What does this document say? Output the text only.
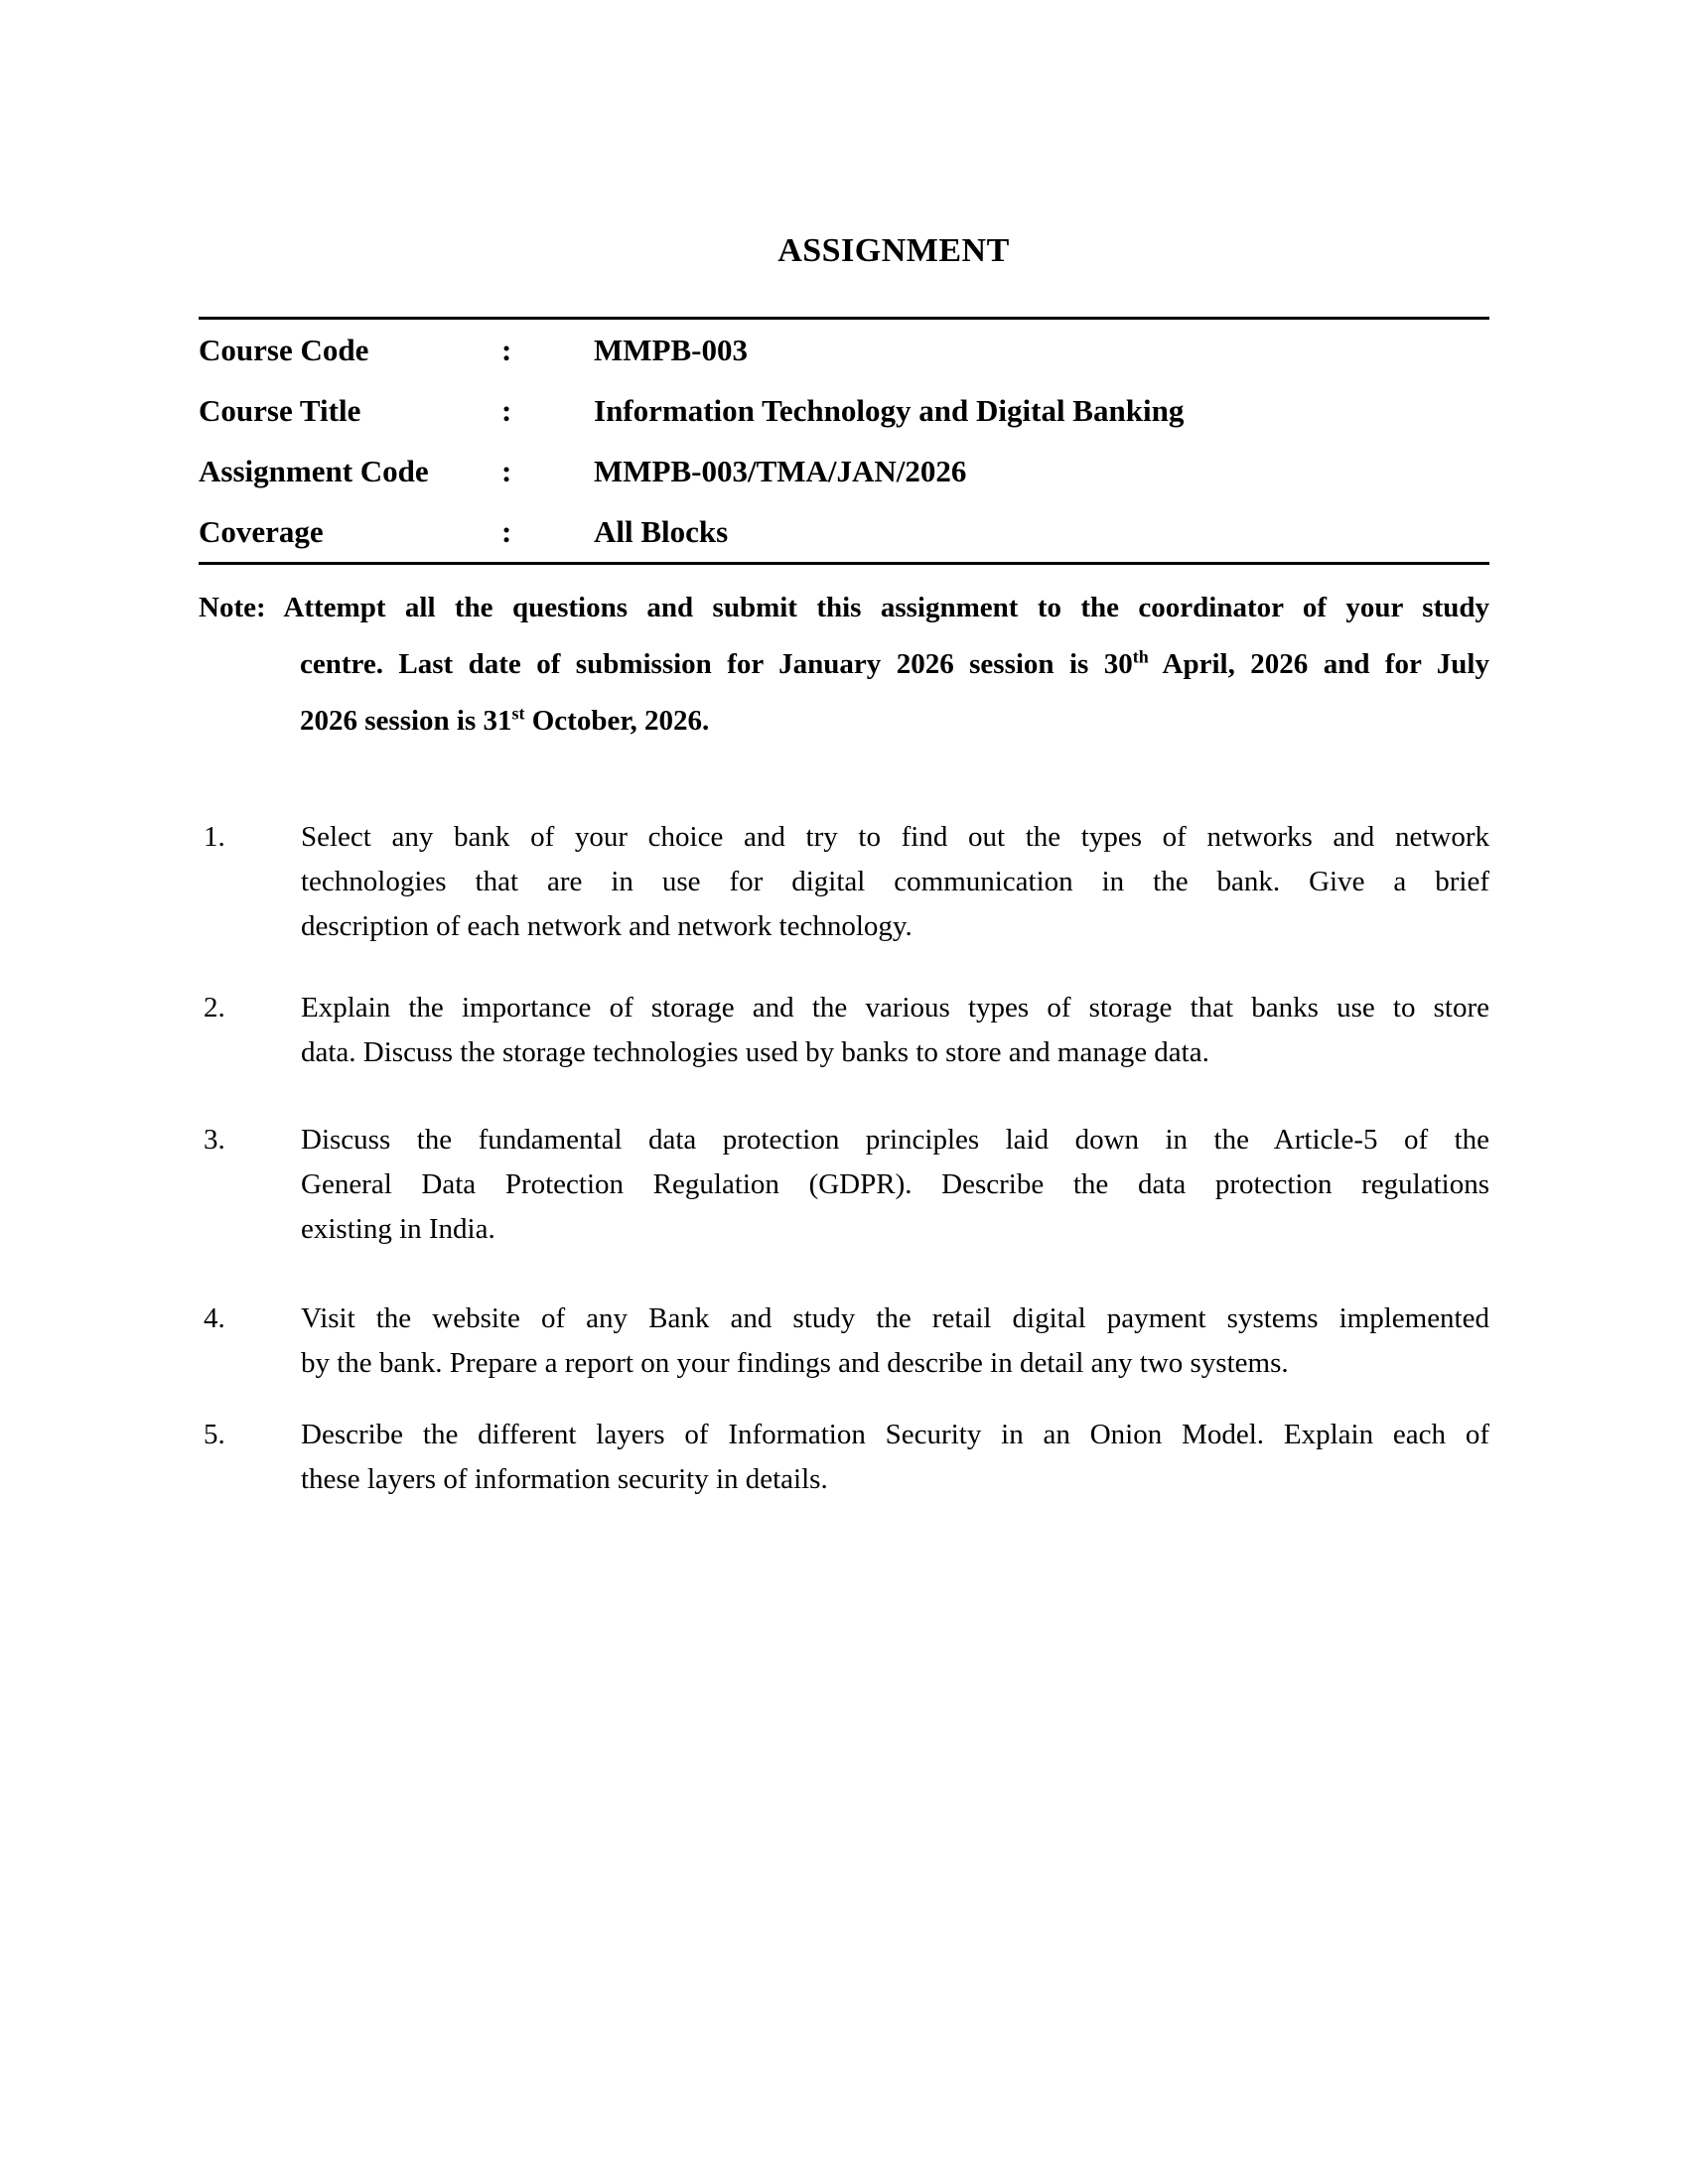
ASSIGNMENT
Course Code	:	MMPB-003
Course Title	:	Information Technology and Digital Banking
Assignment Code	:	MMPB-003/TMA/JAN/2026
Coverage	:	All Blocks
Note: Attempt all the questions and submit this assignment to the coordinator of your study
centre. Last date of submission for January 2026 session is 30th April, 2026 and for July
2026 session is 31st October, 2026.
1.	Select any bank of your choice and try to find out the types of networks and network
technologies that are in use for digital communication in the bank. Give a brief
description of each network and network technology.
2.	Explain the importance of storage and the various types of storage that banks use to store
data. Discuss the storage technologies used by banks to store and manage data.
3.	Discuss the fundamental data protection principles laid down in the Article-5 of the
General Data Protection Regulation (GDPR). Describe the data protection regulations
existing in India.
4.	Visit the website of any Bank and study the retail digital payment systems implemented
by the bank. Prepare a report on your findings and describe in detail any two systems.
5.	Describe the different layers of Information Security in an Onion Model. Explain each of
these layers of information security in details.
